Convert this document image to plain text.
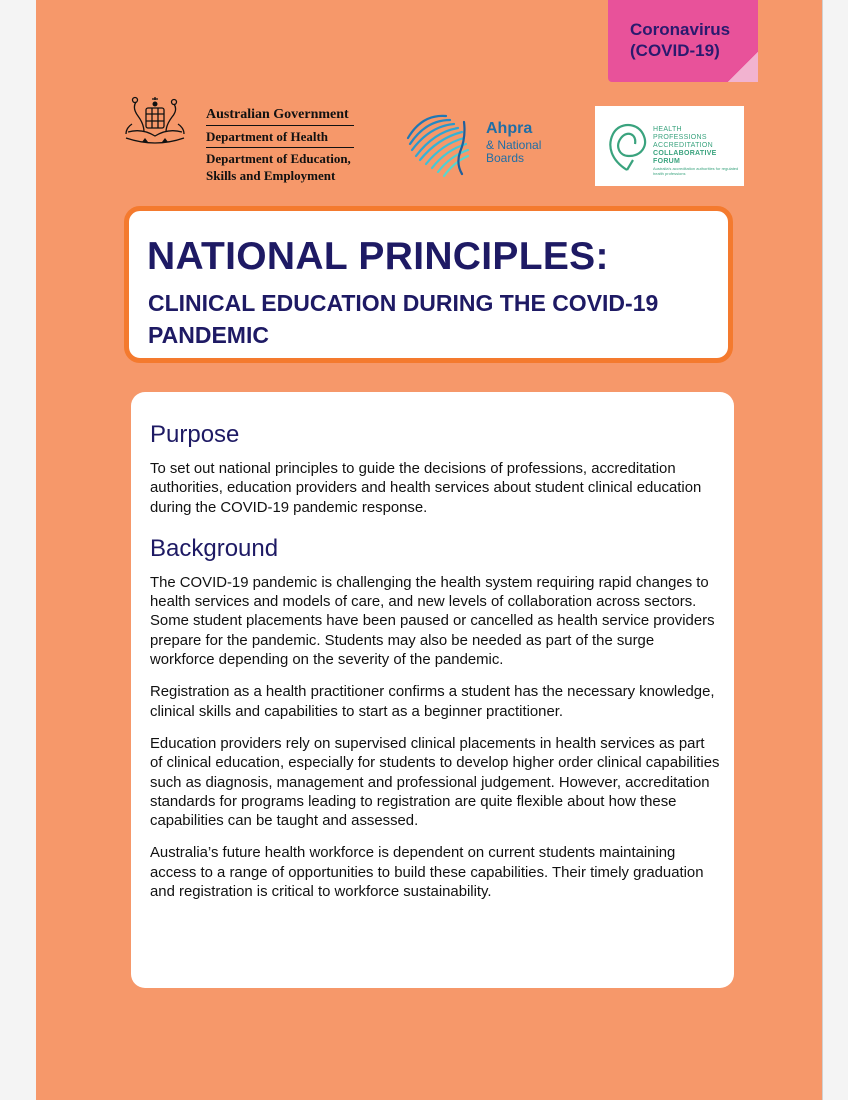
Coronavirus
(COVID-19)
Australian Government
Department of Health
Department of Education,
Skills and Employment
Ahpra
& National Boards
HEALTH
PROFESSIONS
ACCREDITATION
COLLABORATIVE
FORUM
Australia's accreditation authorities for regulated health professions
NATIONAL PRINCIPLES:
CLINICAL EDUCATION DURING THE COVID-19 PANDEMIC
Purpose

To set out national principles to guide the decisions of professions, accreditation authorities, education providers and health services about student clinical education during the COVID-19 pandemic response.

Background

The COVID-19 pandemic is challenging the health system requiring rapid changes to health services and models of care, and new levels of collaboration across sectors. Some student placements have been paused or cancelled as health service providers prepare for the pandemic. Students may also be needed as part of the surge workforce depending on the severity of the pandemic.

Registration as a health practitioner confirms a student has the necessary knowledge, clinical skills and capabilities to start as a beginner practitioner.

Education providers rely on supervised clinical placements in health services as part of clinical education, especially for students to develop higher order clinical capabilities such as diagnosis, management and professional judgement. However, accreditation standards for programs leading to registration are quite flexible about how these capabilities can be taught and assessed.

Australia’s future health workforce is dependent on current students maintaining access to a range of opportunities to build these capabilities. Their timely graduation and registration is critical to workforce sustainability.
